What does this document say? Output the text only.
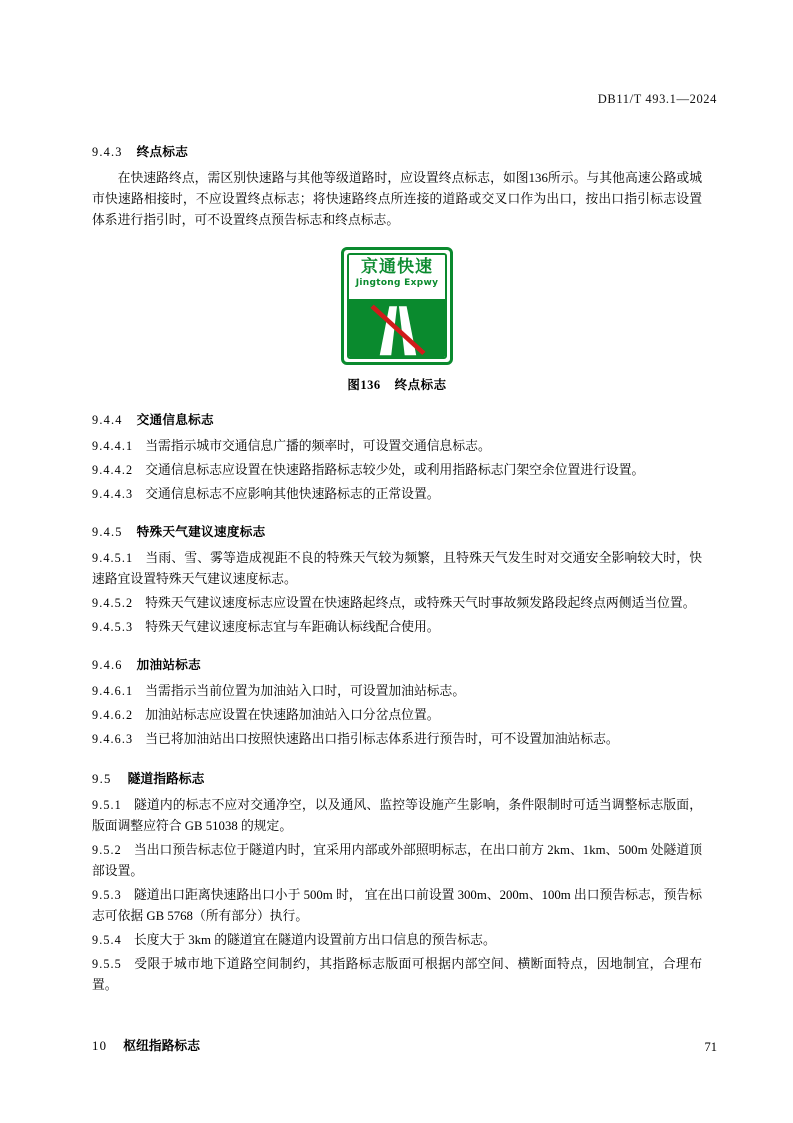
DB11/T 493.1—2024
9.4.3 终点标志

在快速路终点，需区别快速路与其他等级道路时，应设置终点标志，如图136所示。与其他高速公路或城市快速路相接时，不应设置终点标志；将快速路终点所连接的道路或交叉口作为出口，按出口指引标志设置体系进行指引时，可不设置终点预告标志和终点标志。

京通快速
Jingtong Expwy
图136 终点标志
9.4.4 交通信息标志

9.4.4.1 当需指示城市交通信息广播的频率时，可设置交通信息标志。

9.4.4.2 交通信息标志应设置在快速路指路标志较少处，或利用指路标志门架空余位置进行设置。

9.4.4.3 交通信息标志不应影响其他快速路标志的正常设置。

9.4.5 特殊天气建议速度标志

9.4.5.1 当雨、雪、雾等造成视距不良的特殊天气较为频繁，且特殊天气发生时对交通安全影响较大时，快速路宜设置特殊天气建议速度标志。

9.4.5.2 特殊天气建议速度标志应设置在快速路起终点，或特殊天气时事故频发路段起终点两侧适当位置。

9.4.5.3 特殊天气建议速度标志宜与车距确认标线配合使用。

9.4.6 加油站标志

9.4.6.1 当需指示当前位置为加油站入口时，可设置加油站标志。

9.4.6.2 加油站标志应设置在快速路加油站入口分岔点位置。

9.4.6.3 当已将加油站出口按照快速路出口指引标志体系进行预告时，可不设置加油站标志。

9.5 隧道指路标志

9.5.1 隧道内的标志不应对交通净空，以及通风、监控等设施产生影响，条件限制时可适当调整标志版面，版面调整应符合 GB 51038 的规定。

9.5.2 当出口预告标志位于隧道内时，宜采用内部或外部照明标志，在出口前方 2km、1km、500m 处隧道顶部设置。

9.5.3 隧道出口距离快速路出口小于 500m 时， 宜在出口前设置 300m、200m、100m 出口预告标志，预告标志可依据 GB 5768（所有部分）执行。

9.5.4 长度大于 3km 的隧道宜在隧道内设置前方出口信息的预告标志。

9.5.5 受限于城市地下道路空间制约，其指路标志版面可根据内部空间、横断面特点，因地制宜，合理布置。

10 枢纽指路标志	71
